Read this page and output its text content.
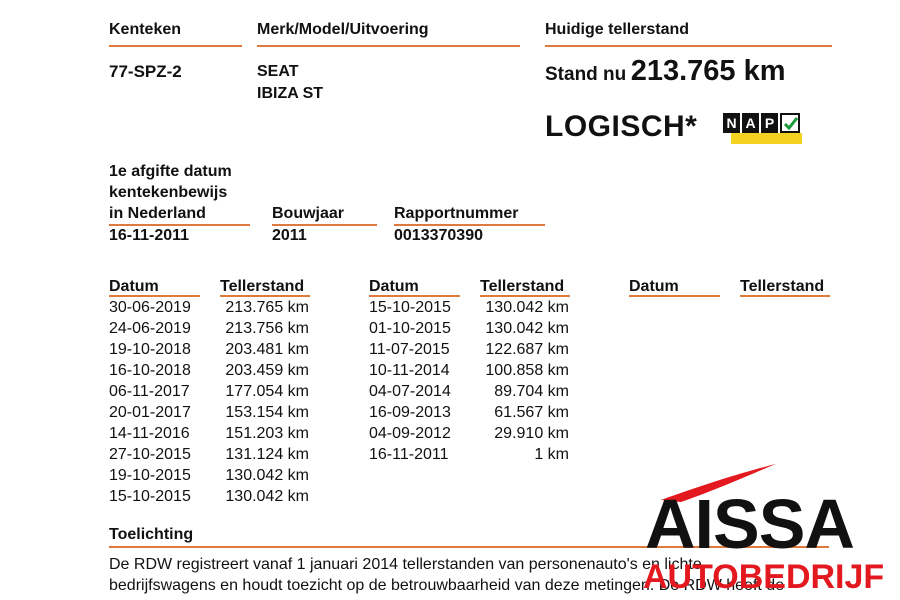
Kenteken	Merk/Model/Uitvoering	Huidige tellerstand
77-SPZ-2	SEAT
IBIZA ST
Stand nu 213.765 km
LOGISCH* N A P
1e afgifte datum
kentekenbewijs
in Nederland	Bouwjaar	Rapportnummer
16-11-2011	2011	0013370390
Datum	Tellerstand	Datum	Tellerstand	Datum	Tellerstand
30-06-2019	213.765 km
24-06-2019	213.756 km
19-10-2018	203.481 km
16-10-2018	203.459 km
06-11-2017	177.054 km
20-01-2017	153.154 km
14-11-2016	151.203 km
27-10-2015	131.124 km
19-10-2015	130.042 km
15-10-2015	130.042 km
15-10-2015	130.042 km
01-10-2015	130.042 km
11-07-2015	122.687 km
10-11-2014	100.858 km
04-07-2014	89.704 km
16-09-2013	61.567 km
04-09-2012	29.910 km
16-11-2011	1 km
Toelichting
De RDW registreert vanaf 1 januari 2014 tellerstanden van personenauto's en lichte
bedrijfswagens en houdt toezicht op de betrouwbaarheid van deze metingen. De RDW heeft de
AISSA
AUTOBEDRIJF
